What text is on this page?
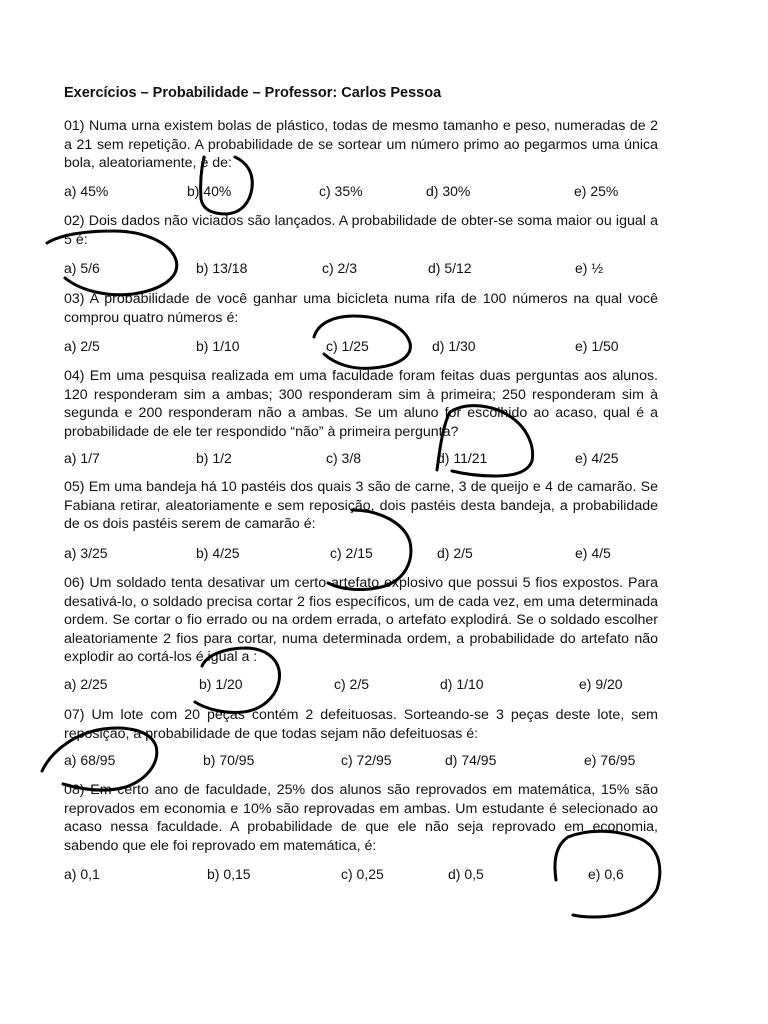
Exercícios – Probabilidade – Professor: Carlos Pessoa

01) Numa urna existem bolas de plástico, todas de mesmo tamanho e peso, numeradas de 2 a 21 sem repetição. A probabilidade de se sortear um número primo ao pegarmos uma única bola, aleatoriamente, é de:

a) 45%	b) 40%	c) 35%	d) 30%	e) 25%

02) Dois dados não viciados são lançados. A probabilidade de obter-se soma maior ou igual a 5 é:

a) 5/6	b) 13/18	c) 2/3	d) 5/12	e) ½

03) A probabilidade de você ganhar uma bicicleta numa rifa de 100 números na qual você comprou quatro números é:

a) 2/5	b) 1/10	c) 1/25	d) 1/30	e) 1/50

04) Em uma pesquisa realizada em uma faculdade foram feitas duas perguntas aos alunos. 120 responderam sim a ambas; 300 responderam sim à primeira; 250 responderam sim à segunda e 200 responderam não a ambas. Se um aluno for escolhido ao acaso, qual é a probabilidade de ele ter respondido “não” à primeira pergunta?

a) 1/7	b) 1/2	c) 3/8	d) 11/21	e) 4/25

05) Em uma bandeja há 10 pastéis dos quais 3 são de carne, 3 de queijo e 4 de camarão. Se Fabiana retirar, aleatoriamente e sem reposição, dois pastéis desta bandeja, a probabilidade de os dois pastéis serem de camarão é:

a) 3/25	b) 4/25	c) 2/15	d) 2/5	e) 4/5

06) Um soldado tenta desativar um certo artefato explosivo que possui 5 fios expostos. Para desativá-lo, o soldado precisa cortar 2 fios específicos, um de cada vez, em uma determinada ordem. Se cortar o fio errado ou na ordem errada, o artefato explodirá. Se o soldado escolher aleatoriamente 2 fios para cortar, numa determinada ordem, a probabilidade do artefato não explodir ao cortá-los é igual a :

a) 2/25	b) 1/20	c) 2/5	d) 1/10	e) 9/20

07) Um lote com 20 peças contém 2 defeituosas. Sorteando-se 3 peças deste lote, sem reposição, a probabilidade de que todas sejam não defeituosas é:

a) 68/95	b) 70/95	c) 72/95	d) 74/95	e) 76/95

08) Em certo ano de faculdade, 25% dos alunos são reprovados em matemática, 15% são reprovados em economia e 10% são reprovadas em ambas. Um estudante é selecionado ao acaso nessa faculdade. A probabilidade de que ele não seja reprovado em economia, sabendo que ele foi reprovado em matemática, é:

a) 0,1	b) 0,15	c) 0,25	d) 0,5	e) 0,6
